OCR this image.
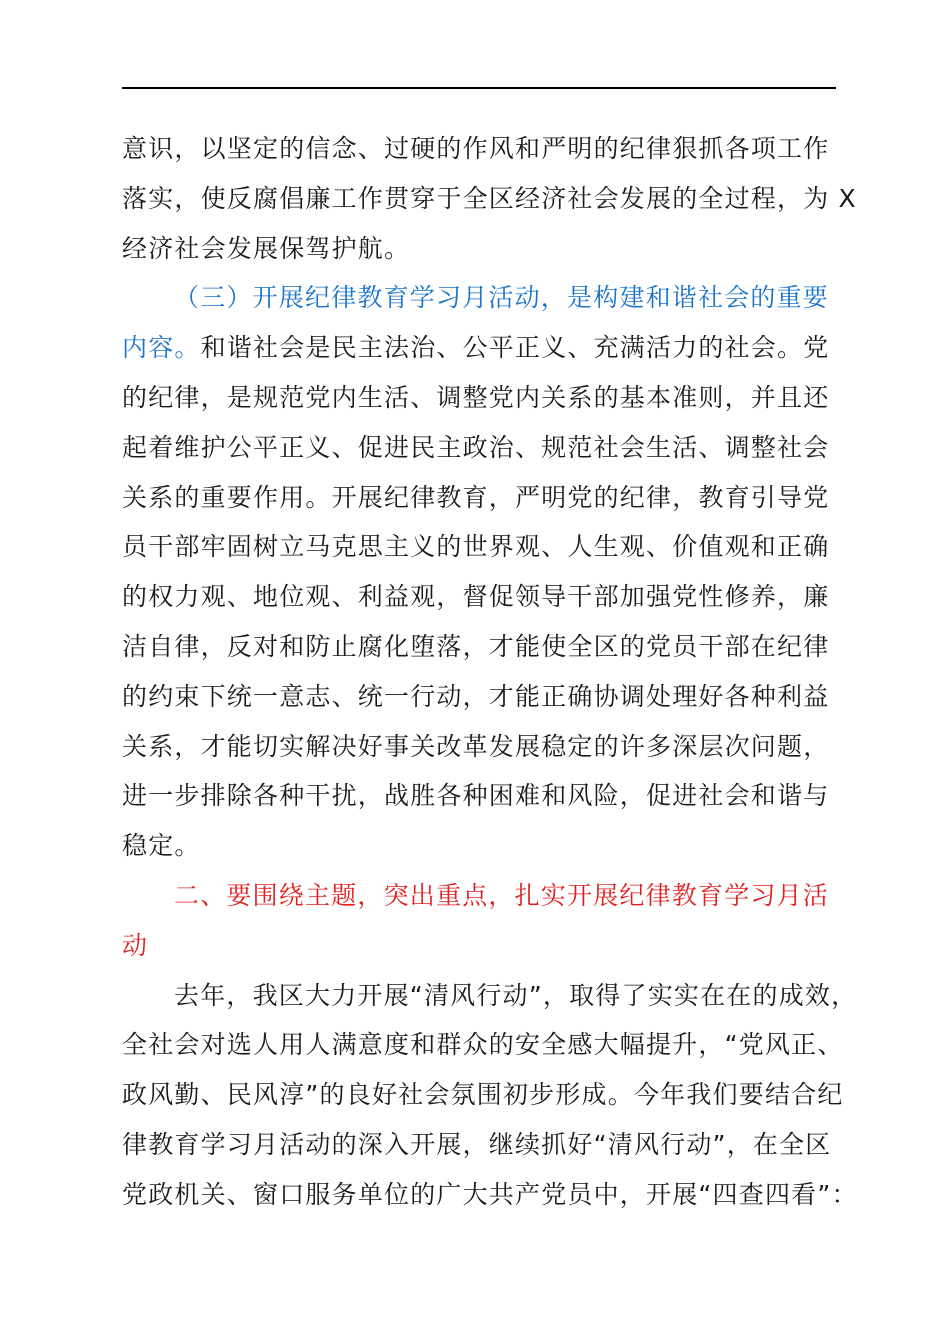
意识，以坚定的信念、过硬的作风和严明的纪律狠抓各项工作
落实，使反腐倡廉工作贯穿于全区经济社会发展的全过程，为 X
经济社会发展保驾护航。
（三）开展纪律教育学习月活动，是构建和谐社会的重要
内容。和谐社会是民主法治、公平正义、充满活力的社会。党
的纪律，是规范党内生活、调整党内关系的基本准则，并且还
起着维护公平正义、促进民主政治、规范社会生活、调整社会
关系的重要作用。开展纪律教育，严明党的纪律，教育引导党
员干部牢固树立马克思主义的世界观、人生观、价值观和正确
的权力观、地位观、利益观，督促领导干部加强党性修养，廉
洁自律，反对和防止腐化堕落，才能使全区的党员干部在纪律
的约束下统一意志、统一行动，才能正确协调处理好各种利益
关系，才能切实解决好事关改革发展稳定的许多深层次问题，
进一步排除各种干扰，战胜各种困难和风险，促进社会和谐与
稳定。
二、要围绕主题，突出重点，扎实开展纪律教育学习月活
动
去年，我区大力开展“清风行动”，取得了实实在在的成效，
全社会对选人用人满意度和群众的安全感大幅提升，“党风正、
政风勤、民风淳”的良好社会氛围初步形成。今年我们要结合纪
律教育学习月活动的深入开展，继续抓好“清风行动”，在全区
党政机关、窗口服务单位的广大共产党员中，开展“四查四看”：
